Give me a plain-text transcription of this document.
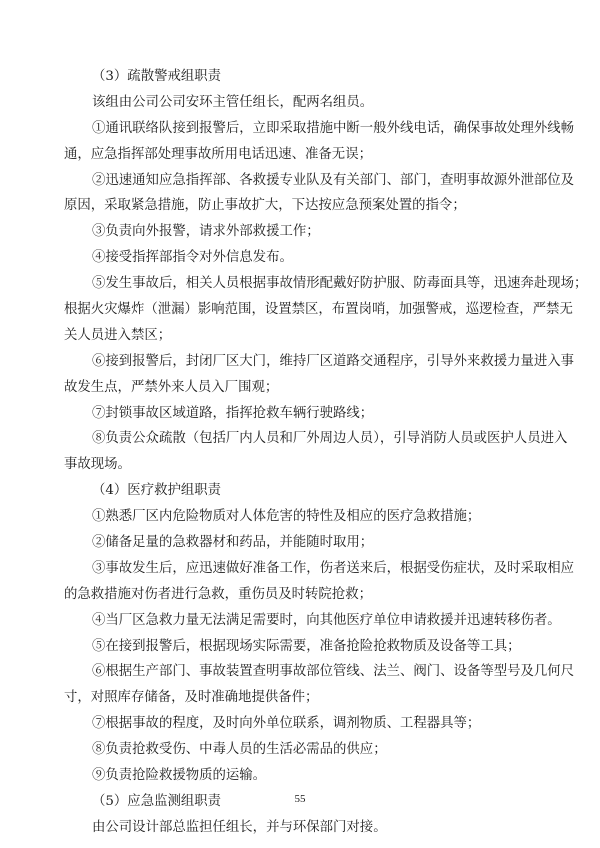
（3）疏散警戒组职责
该组由公司公司安环主管任组长，配两名组员。
①通讯联络队接到报警后，立即采取措施中断一般外线电话，确保事故处理外线畅
通，应急指挥部处理事故所用电话迅速、准备无误；
②迅速通知应急指挥部、各救援专业队及有关部门、部门，查明事故源外泄部位及
原因，采取紧急措施，防止事故扩大，下达按应急预案处置的指令；
③负责向外报警，请求外部救援工作；
④接受指挥部指令对外信息发布。
⑤发生事故后，相关人员根据事故情形配戴好防护服、防毒面具等，迅速奔赴现场；
根据火灾爆炸（泄漏）影响范围，设置禁区，布置岗哨，加强警戒，巡逻检查，严禁无
关人员进入禁区；
⑥接到报警后，封闭厂区大门，维持厂区道路交通程序，引导外来救援力量进入事
故发生点，严禁外来人员入厂围观；
⑦封锁事故区域道路，指挥抢救车辆行驶路线；
⑧负责公众疏散（包括厂内人员和厂外周边人员），引导消防人员或医护人员进入
事故现场。
（4）医疗救护组职责
①熟悉厂区内危险物质对人体危害的特性及相应的医疗急救措施；
②储备足量的急救器材和药品，并能随时取用；
③事故发生后，应迅速做好准备工作，伤者送来后，根据受伤症状，及时采取相应
的急救措施对伤者进行急救，重伤员及时转院抢救；
④当厂区急救力量无法满足需要时，向其他医疗单位申请救援并迅速转移伤者。
⑤在接到报警后，根据现场实际需要，准备抢险抢救物质及设备等工具；
⑥根据生产部门、事故装置查明事故部位管线、法兰、阀门、设备等型号及几何尺
寸，对照库存储备，及时准确地提供备件；
⑦根据事故的程度，及时向外单位联系，调剂物质、工程器具等；
⑧负责抢救受伤、中毒人员的生活必需品的供应；
⑨负责抢险救援物质的运输。
（5）应急监测组职责
由公司设计部总监担任组长，并与环保部门对接。
55
